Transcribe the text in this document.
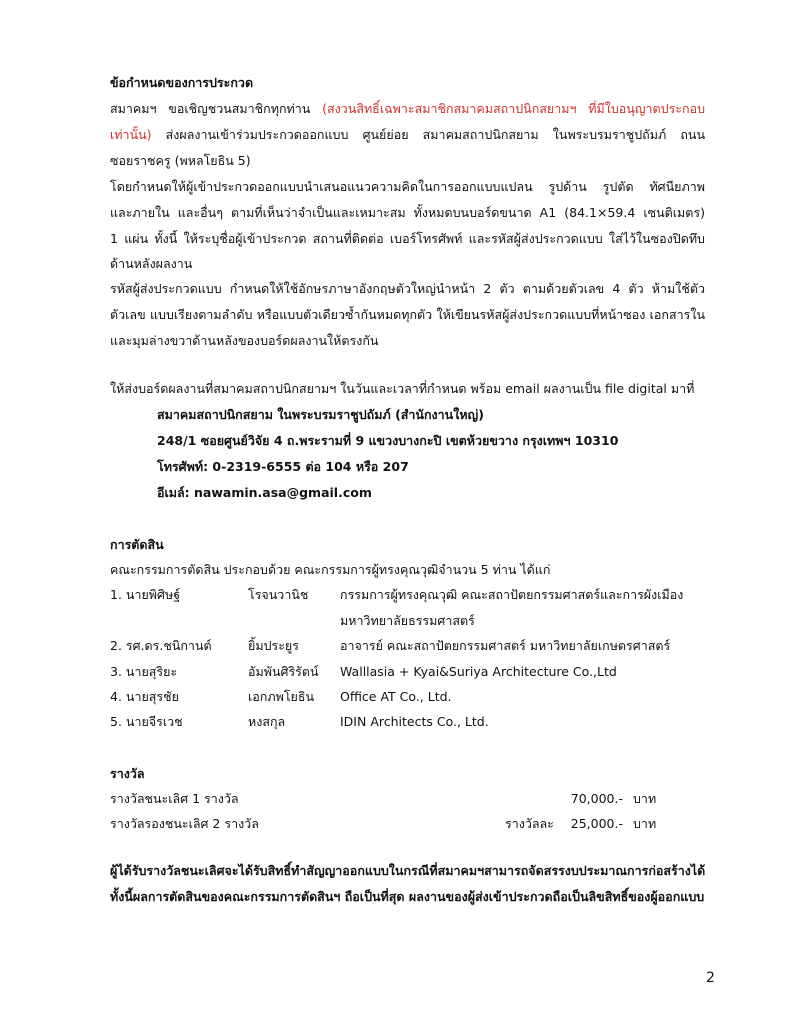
ข้อกำหนดของการประกวด
สมาคมฯ ขอเชิญชวนสมาชิกทุกท่าน (สงวนสิทธิ์เฉพาะสมาชิกสมาคมสถาปนิกสยามฯ ที่มีใบอนุญาตประกอบ
เท่านั้น) ส่งผลงานเข้าร่วมประกวดออกแบบ ศูนย์ย่อย สมาคมสถาปนิกสยาม ในพระบรมราชูปถัมภ์ ถนน
ซอยราชครู (พหลโยธิน 5)
โดยกำหนดให้ผู้เข้าประกวดออกแบบนำเสนอแนวความคิดในการออกแบบแปลน รูปด้าน รูปตัด ทัศนียภาพ
และภายใน และอื่นๆ ตามที่เห็นว่าจำเป็นและเหมาะสม ทั้งหมดบนบอร์ดขนาด A1 (84.1×59.4 เซนติเมตร)
1 แผ่น ทั้งนี้ ให้ระบุชื่อผู้เข้าประกวด สถานที่ติดต่อ เบอร์โทรศัพท์ และรหัสผู้ส่งประกวดแบบ ใส่ไว้ในซองปิดทึบ
ด้านหลังผลงาน
รหัสผู้ส่งประกวดแบบ กำหนดให้ใช้อักษรภาษาอังกฤษตัวใหญ่นำหน้า 2 ตัว ตามด้วยตัวเลข 4 ตัว ห้ามใช้ตัว
ตัวเลข แบบเรียงตามลำดับ หรือแบบตัวเดียวซ้ำกันหมดทุกตัว ให้เขียนรหัสผู้ส่งประกวดแบบที่หน้าซอง เอกสารใน
และมุมล่างขวาด้านหลังของบอร์ดผลงานให้ตรงกัน
ให้ส่งบอร์ดผลงานที่สมาคมสถาปนิกสยามฯ ในวันและเวลาที่กำหนด พร้อม email ผลงานเป็น file digital มาที่
สมาคมสถาปนิกสยาม ในพระบรมราชูปถัมภ์ (สำนักงานใหญ่)
248/1 ซอยศูนย์วิจัย 4 ถ.พระรามที่ 9 แขวงบางกะปิ เขตห้วยขวาง กรุงเทพฯ 10310
โทรศัพท์: 0-2319-6555 ต่อ 104 หรือ 207
อีเมล์: nawamin.asa@gmail.com
การตัดสิน
คณะกรรมการตัดสิน ประกอบด้วย คณะกรรมการผู้ทรงคุณวุฒิจำนวน 5 ท่าน ได้แก่
1. นายพิศิษฐ์	โรจนวานิช	กรรมการผู้ทรงคุณวุฒิ คณะสถาปัตยกรรมศาสตร์และการผังเมือง
มหาวิทยาลัยธรรมศาสตร์
2. รศ.ดร.ชนิกานต์	ยิ้มประยูร	อาจารย์ คณะสถาปัตยกรรมศาสตร์ มหาวิทยาลัยเกษตรศาสตร์
3. นายสุริยะ	อัมพันศิริรัตน์ Walllasia + Kyai&Suriya Architecture Co.,Ltd
4. นายสุรชัย	เอกภพโยธิน Office AT Co., Ltd.
5. นายจีรเวช	หงสกุล	IDIN Architects Co., Ltd.
รางวัล
รางวัลชนะเลิศ 1 รางวัล	70,000.- บาท
รางวัลรองชนะเลิศ 2 รางวัล	รางวัลละ 25,000.- บาท
ผู้ได้รับรางวัลชนะเลิศจะได้รับสิทธิ์ทำสัญญาออกแบบในกรณีที่สมาคมฯสามารถจัดสรรงบประมาณการก่อสร้างได้
ทั้งนี้ผลการตัดสินของคณะกรรมการตัดสินฯ ถือเป็นที่สุด ผลงานของผู้ส่งเข้าประกวดถือเป็นลิขสิทธิ์ของผู้ออกแบบ
2
